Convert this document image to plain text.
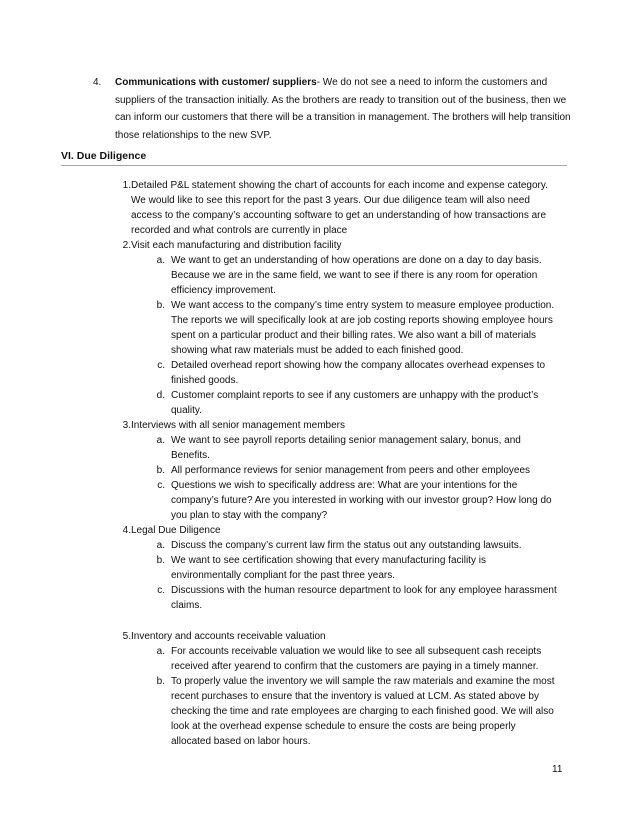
4. Communications with customer/ suppliers- We do not see a need to inform the customers and suppliers of the transaction initially. As the brothers are ready to transition out of the business, then we can inform our customers that there will be a transition in management. The brothers will help transition those relationships to the new SVP.
VI. Due Diligence
1. Detailed P&L statement showing the chart of accounts for each income and expense category. We would like to see this report for the past 3 years. Our due diligence team will also need access to the company’s accounting software to get an understanding of how transactions are recorded and what controls are currently in place
2. Visit each manufacturing and distribution facility
a. We want to get an understanding of how operations are done on a day to day basis. Because we are in the same field, we want to see if there is any room for operation efficiency improvement.
b. We want access to the company’s time entry system to measure employee production. The reports we will specifically look at are job costing reports showing employee hours spent on a particular product and their billing rates. We also want a bill of materials showing what raw materials must be added to each finished good.
c. Detailed overhead report showing how the company allocates overhead expenses to finished goods.
d. Customer complaint reports to see if any customers are unhappy with the product’s quality.
3. Interviews with all senior management members
a. We want to see payroll reports detailing senior management salary, bonus, and Benefits.
b. All performance reviews for senior management from peers and other employees
c. Questions we wish to specifically address are: What are your intentions for the company’s future? Are you interested in working with our investor group? How long do you plan to stay with the company?
4. Legal Due Diligence
a. Discuss the company’s current law firm the status out any outstanding lawsuits.
b. We want to see certification showing that every manufacturing facility is environmentally compliant for the past three years.
c. Discussions with the human resource department to look for any employee harassment claims.
5. Inventory and accounts receivable valuation
a. For accounts receivable valuation we would like to see all subsequent cash receipts received after yearend to confirm that the customers are paying in a timely manner.
b. To properly value the inventory we will sample the raw materials and examine the most recent purchases to ensure that the inventory is valued at LCM. As stated above by checking the time and rate employees are charging to each finished good. We will also look at the overhead expense schedule to ensure the costs are being properly allocated based on labor hours.
11
